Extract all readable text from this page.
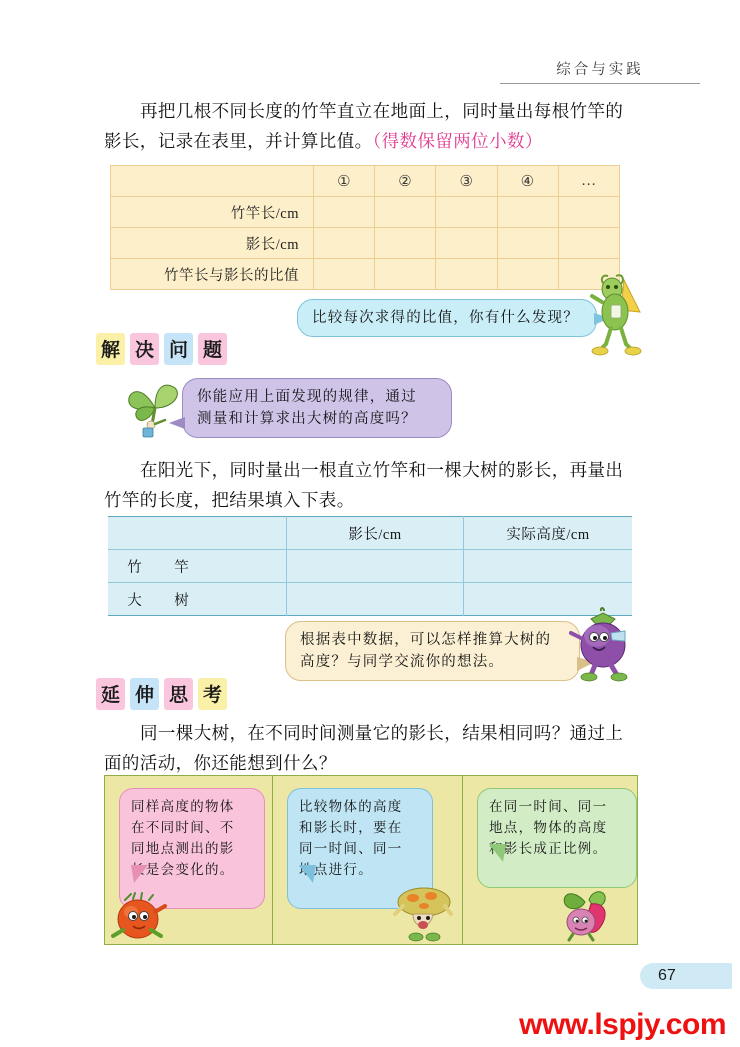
综合与实践
再把几根不同长度的竹竿直立在地面上，同时量出每根竹竿的
影长，记录在表里，并计算比值。（得数保留两位小数）
	①	②	③	④	…
竹竿长/cm					
影长/cm					
竹竿长与影长的比值					
比较每次求得的比值，你有什么发现？
解 决 问 题
你能应用上面发现的规律，通过
测量和计算求出大树的高度吗？
在阳光下，同时量出一根直立竹竿和一棵大树的影长，再量出
竹竿的长度，把结果填入下表。
	影长/cm	实际高度/cm
竹　竿		
大　树		
根据表中数据，可以怎样推算大树的
高度？与同学交流你的想法。
延 伸 思 考
同一棵大树，在不同时间测量它的影长，结果相同吗？通过上
面的活动，你还能想到什么？
同样高度的物体
在不同时间、不
同地点测出的影
长是会变化的。
比较物体的高度
和影长时，要在
同一时间、同一
地点进行。
在同一时间、同一
地点，物体的高度
和影长成正比例。
67
www.lspjy.com
